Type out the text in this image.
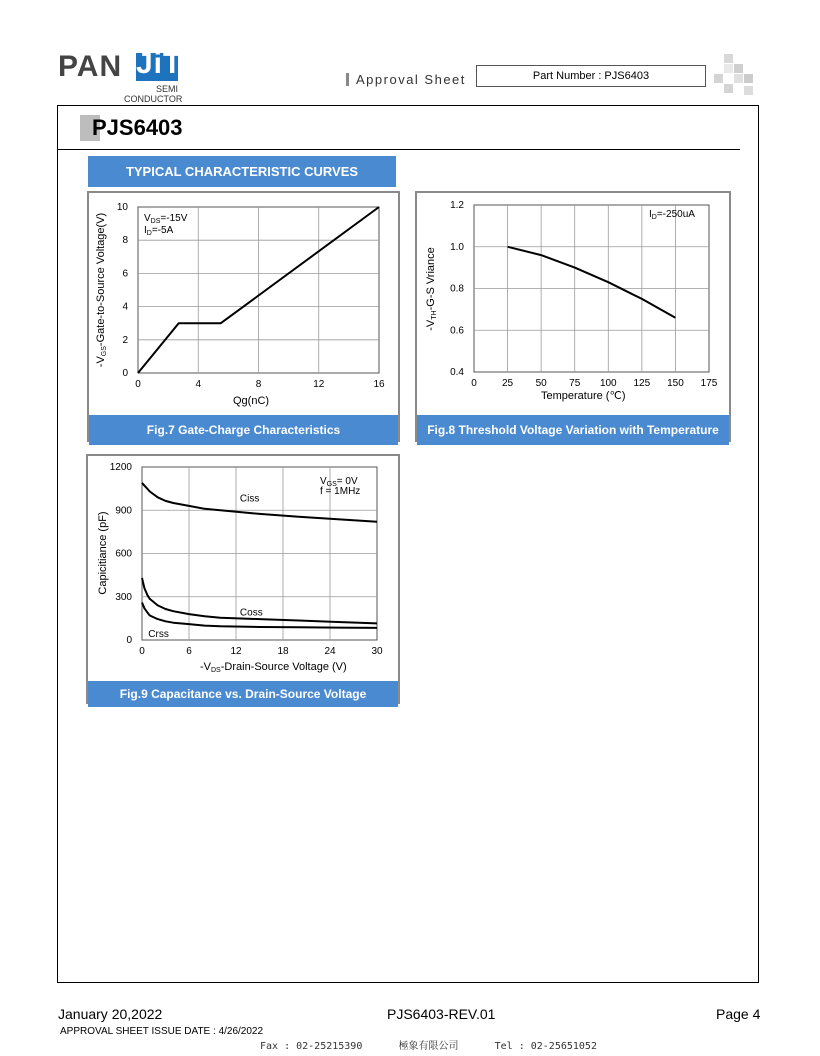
PAN JiT
SEMI
CONDUCTOR
Approval Sheet	Part Number : PJS6403
PJS6403
TYPICAL CHARACTERISTIC CURVES
Qg(nC)
-VGS-Gate-to-Source Voltage(V)	$V_{DS}=-15V$
$I_D=-5A$
0	4	8	12	16
0
2
4
6
8
10
Fig.7 Gate-Charge Characteristics
Temperature (℃)
-VTH-G-S Vriance
$I_D=-250uA$
0	25 50 75 100 125 150 175
0.4
0.6
0.8
1.0
1.2
Fig.8 Threshold Voltage Variation with Temperature
-VDS-Drain-Source Voltage (V)
Capicitiance (pF)
$V_{GS}= 0V$
f = 1MHz
0	6	12	18	24	30
0
300
600
900
1200
Ciss
Coss
Crss
Fig.9 Capacitance vs. Drain-Source Voltage
January 20,2022	PJS6403-REV.01	Page 4
APPROVAL SHEET ISSUE DATE : 4/26/2022
Fax : 02-25215390	極象有限公司	Tel : 02-25651052
